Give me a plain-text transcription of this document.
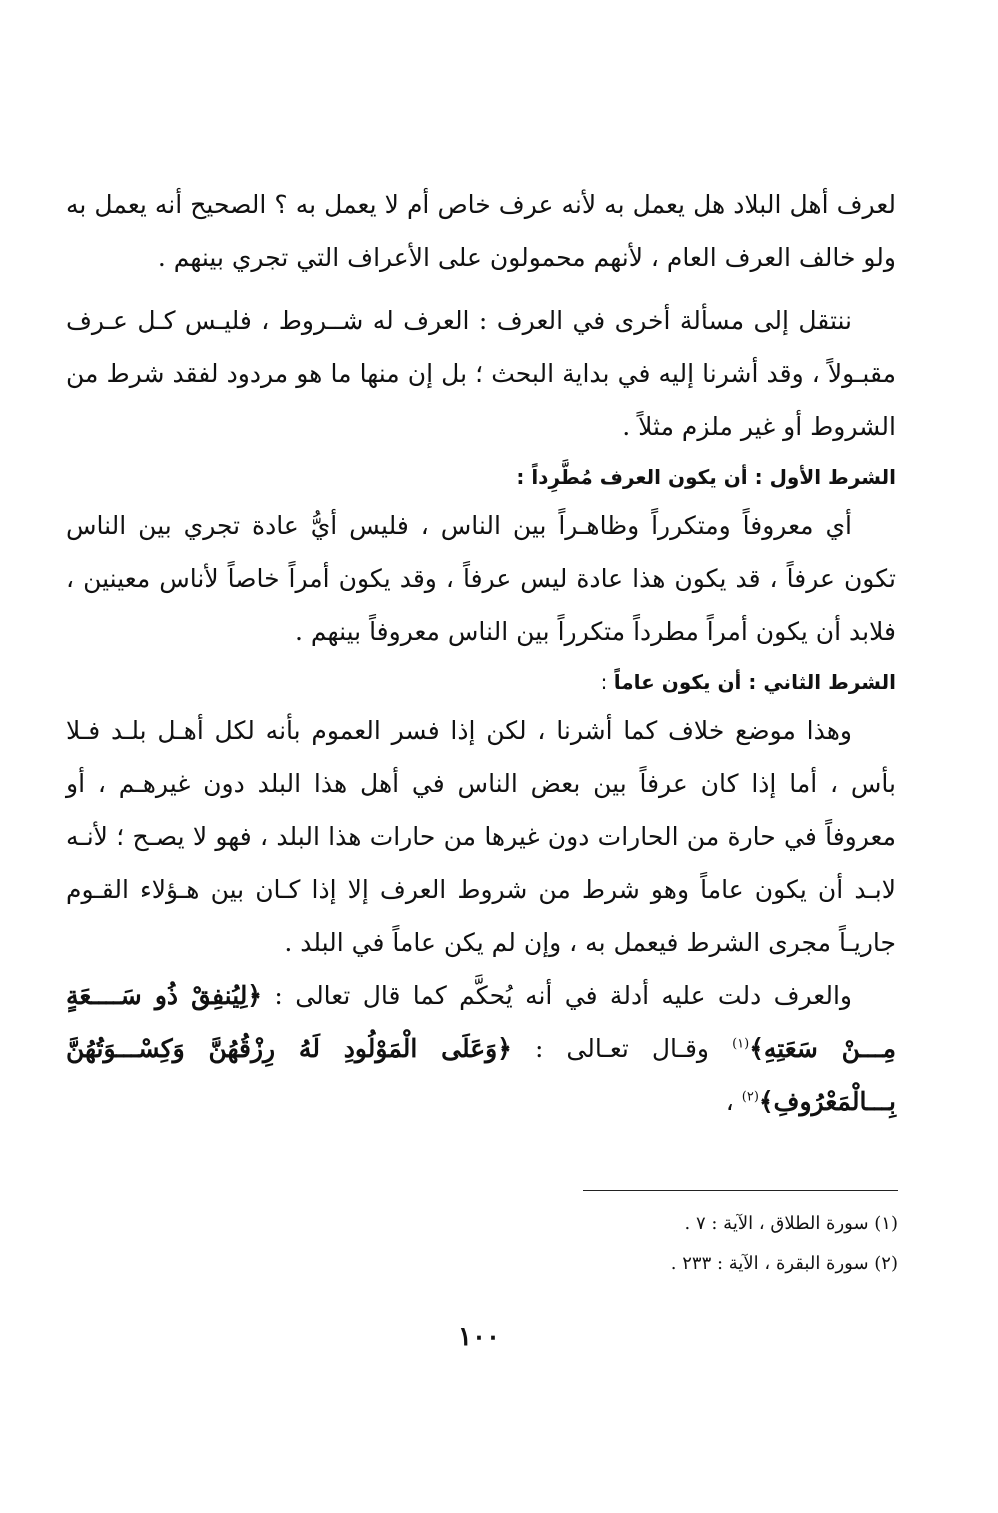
لعرف أهل البلاد هل يعمل به لأنه عرف خاص أم لا يعمل به ؟ الصحيح أنه يعمل به ولو خالف العرف العام ، لأنهم محمولون على الأعراف التي تجري بينهم .

ننتقل إلى مسألة أخرى في العرف : العرف له شــروط ، فليـس كـل عـرف مقبـولاً ، وقد أشرنا إليه في بداية البحث ؛ بل إن منها ما هو مردود لفقد شرط من الشروط أو غير ملزم مثلاً .

الشرط الأول : أن يكون العرف مُطَّرِداً :

أي معروفاً ومتكرراً وظاهـراً بين الناس ، فليس أيُّ عادة تجري بين الناس تكون عرفاً ، قد يكون هذا عادة ليس عرفاً ، وقد يكون أمراً خاصاً لأناس معينين ، فلابد أن يكون أمراً مطرداً متكرراً بين الناس معروفاً بينهم .

الشرط الثاني : أن يكون عاماً :

وهذا موضع خلاف كما أشرنا ، لكن إذا فسر العموم بأنه لكل أهـل بلـد فـلا بأس ، أما إذا كان عرفاً بين بعض الناس في أهل هذا البلد دون غيرهـم ، أو معروفاً في حارة من الحارات دون غيرها من حارات هذا البلد ، فهو لا يصـح ؛ لأنـه لابـد أن يكون عاماً وهو شرط من شروط العرف إلا إذا كـان بين هـؤلاء القـوم جاريـاً مجرى الشرط فيعمل به ، وإن لم يكن عاماً في البلد .

والعرف دلت عليه أدلة في أنه يُحكَّم كما قال تعالى : ﴿لِيُنفِقْ ذُو سَــــعَةٍ مِـــنْ سَعَتِهِ﴾$^{(١)}$ وقـال تعـالى : ﴿وَعَلَى الْمَوْلُودِ لَهُ رِزْقُهُنَّ وَكِسْـــوَتُهُنَّ بِـــالْمَعْرُوفِ﴾$^{(٢)}$ ،

(١) سورة الطلاق ، الآية : ٧ .

(٢) سورة البقرة ، الآية : ٢٣٣ .

١٠٠
